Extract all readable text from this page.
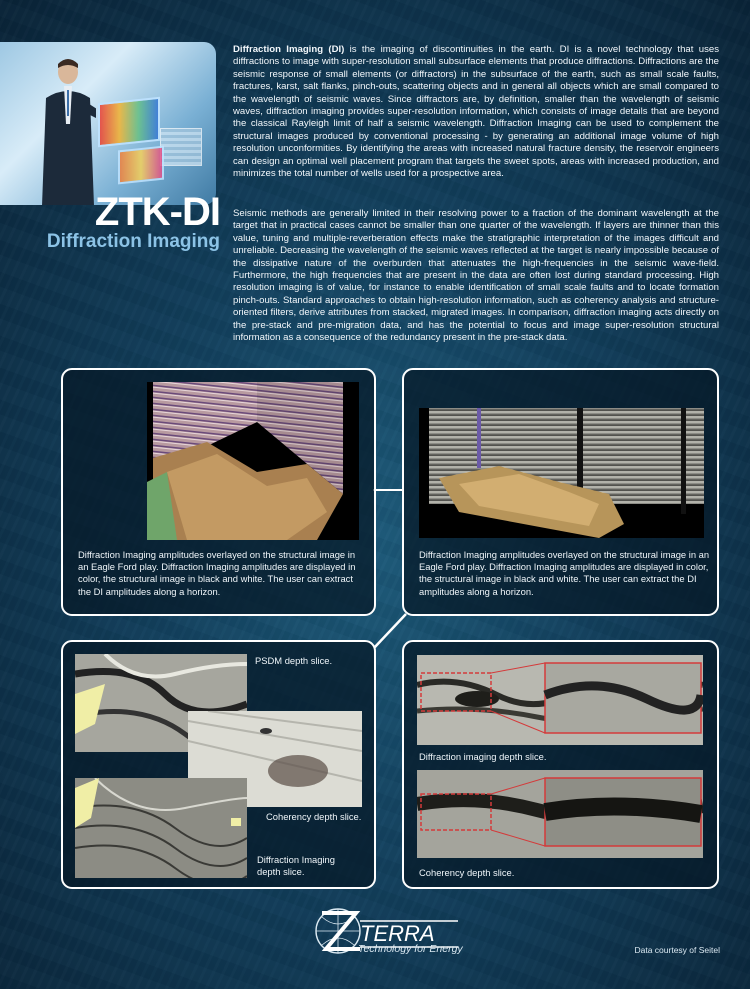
ZTK-DI
Diffraction Imaging
Diffraction Imaging (DI) is the imaging of discontinuities in the earth. DI is a novel technology that uses diffractions to image with super-resolution small subsurface elements that produce diffractions. Diffractions are the seismic response of small elements (or diffractors) in the subsurface of the earth, such as small scale faults, fractures, karst, salt flanks, pinch-outs, scattering objects and in general all objects which are small compared to the wavelength of seismic waves. Since diffractors are, by definition, smaller than the wavelength of seismic waves, diffraction imaging provides super-resolution information, which consists of image details that are beyond the classical Rayleigh limit of half a seismic wavelength. Diffraction Imaging can be used to complement the structural images produced by conventional processing - by generating an additional image volume of high resolution unconformities. By identifying the areas with increased natural fracture density, the reservoir engineers can design an optimal well placement program that targets the sweet spots, areas with increased production, and minimizes the total number of wells used for a prospective area.
Seismic methods are generally limited in their resolving power to a fraction of the dominant wavelength at the target that in practical cases cannot be smaller than one quarter of the wavelength. If layers are thinner than this value, tuning and multiple-reverberation effects make the stratigraphic interpretation of the images difficult and unreliable. Decreasing the wavelength of the seismic waves reflected at the target is nearly impossible because of the dissipative nature of the overburden that attenuates the high-frequencies in the seismic wave-field. Furthermore, the high frequencies that are present in the data are often lost during standard processing. High resolution imaging is of value, for instance to enable identification of small scale faults and to locate formation pinch-outs. Standard approaches to obtain high-resolution information, such as coherency analysis and structure-oriented filters, derive attributes from stacked, migrated images. In comparison, diffraction imaging acts directly on the pre-stack and pre-migration data, and has the potential to focus and image super-resolution structural information as a consequence of the redundancy present in the pre-stack data.
Diffraction Imaging amplitudes overlayed on the structural image in an Eagle Ford play. Diffraction Imaging amplitudes are displayed in color, the structural image in black and white. The user can extract the DI amplitudes along a horizon.
Diffraction Imaging amplitudes overlayed on the structural image in an Eagle Ford play. Diffraction Imaging amplitudes are displayed in color, the structural image in black and white. The user can extract the DI amplitudes along a horizon.
PSDM depth slice.
Coherency depth slice.
Diffraction Imaging
depth slice.
Diffraction imaging depth slice.
Coherency depth slice.
TERRA
Technology for Energy	Data courtesy of Seitel
